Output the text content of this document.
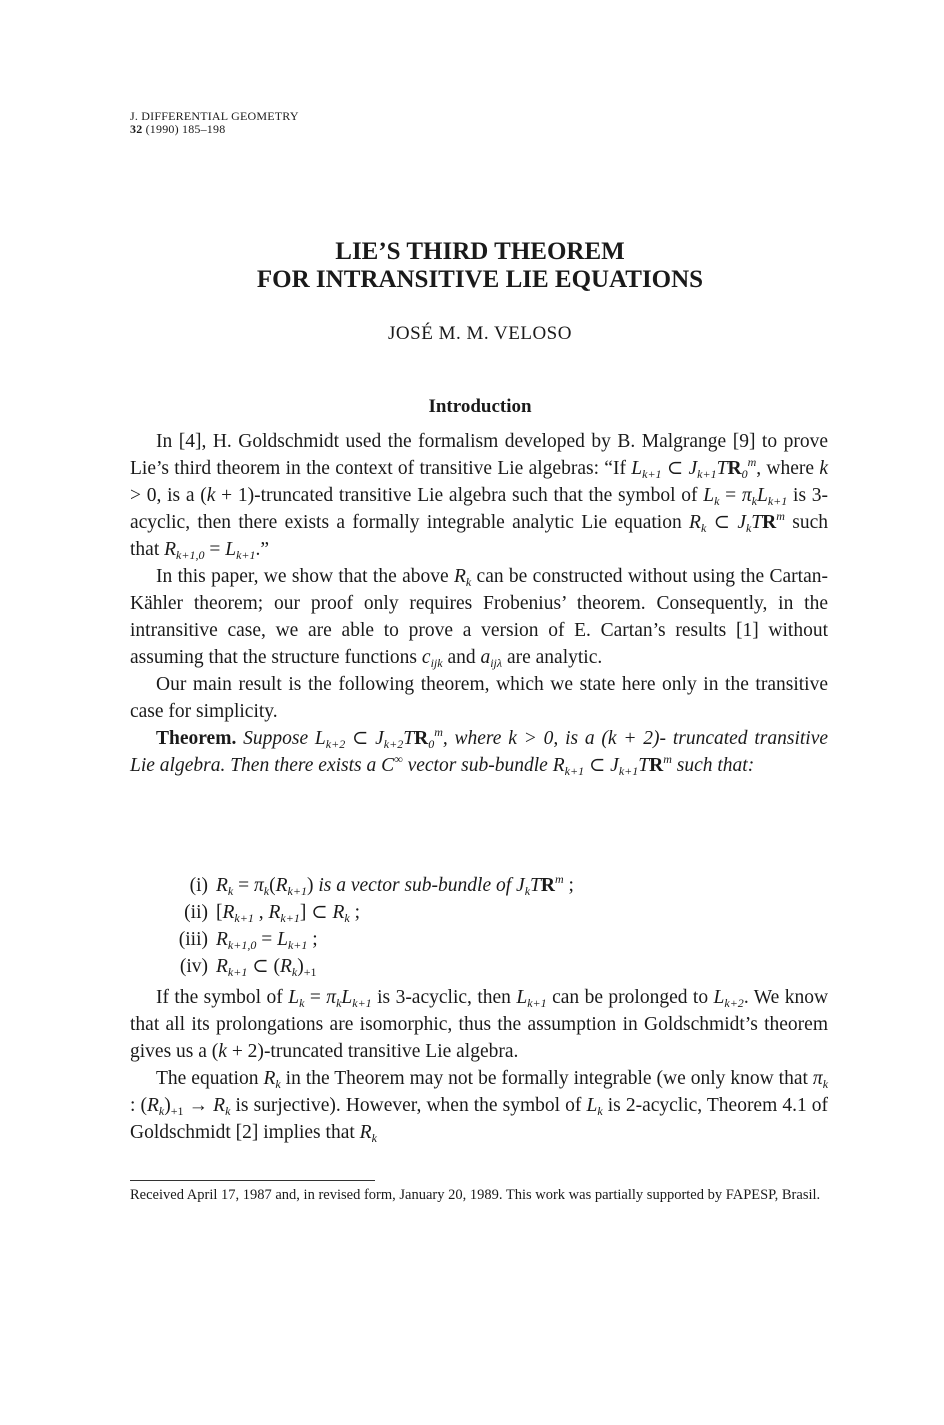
J. DIFFERENTIAL GEOMETRY
32 (1990) 185–198
LIE’S THIRD THEOREM
FOR INTRANSITIVE LIE EQUATIONS
JOSÉ M. M. VELOSO
Introduction

In [4], H. Goldschmidt used the formalism developed by B. Malgrange [9] to prove Lie’s third theorem in the context of transitive Lie algebras: “If $L_{k+1}$ ⊂ $J_{k+1}TR_0^m$, where k > 0, is a (k + 1)-truncated transitive Lie algebra such that the symbol of $L_k = \pi_kL_{k+1}$ is 3-acyclic, then there exists a formally integrable analytic Lie equation $R_k$ ⊂ $J_kTR^m$ such that $R_{k+1,0} = L_{k+1}$.”

In this paper, we show that the above $R_k$ can be constructed without using the Cartan-Kähler theorem; our proof only requires Frobenius’ theorem. Consequently, in the intransitive case, we are able to prove a version of E. Cartan’s results [1] without assuming that the structure functions $c_{ijk}$ and $a_{ij\lambda}$ are analytic.

Our main result is the following theorem, which we state here only in the transitive case for simplicity.

Theorem. Suppose $L_{k+2}$ ⊂ $J_{k+2}TR_0^m$, where k > 0, is a (k + 2)- truncated transitive Lie algebra. Then there exists a C∞ vector sub-bundle $R_{k+1}$ ⊂ $J_{k+1}TR^m$ such that:

(i) $R_k = \pi_k(R_{k+1})$ is a vector sub-bundle of $J_kTR^m$ ;
(ii) [$R_{k+1}$ , $R_{k+1}$] ⊂ $R_k$ ;
(iii) $R_{k+1,0} = L_{k+1}$ ;
(iv) $R_{k+1}$ ⊂ $(R_k)_{+1}$

If the symbol of $L_k = \pi_kL_{k+1}$ is 3-acyclic, then $L_{k+1}$ can be prolonged to $L_{k+2}$. We know that all its prolongations are isomorphic, thus the assumption in Goldschmidt’s theorem gives us a (k + 2)-truncated transitive Lie algebra.

The equation $R_k$ in the Theorem may not be formally integrable (we only know that $\pi_k$ : $(R_k)_{+1} \to R_k$ is surjective). However, when the symbol of $L_k$ is 2-acyclic, Theorem 4.1 of Goldschmidt [2] implies that $R_k$

Received April 17, 1987 and, in revised form, January 20, 1989. This work was partially supported by FAPESP, Brasil.
